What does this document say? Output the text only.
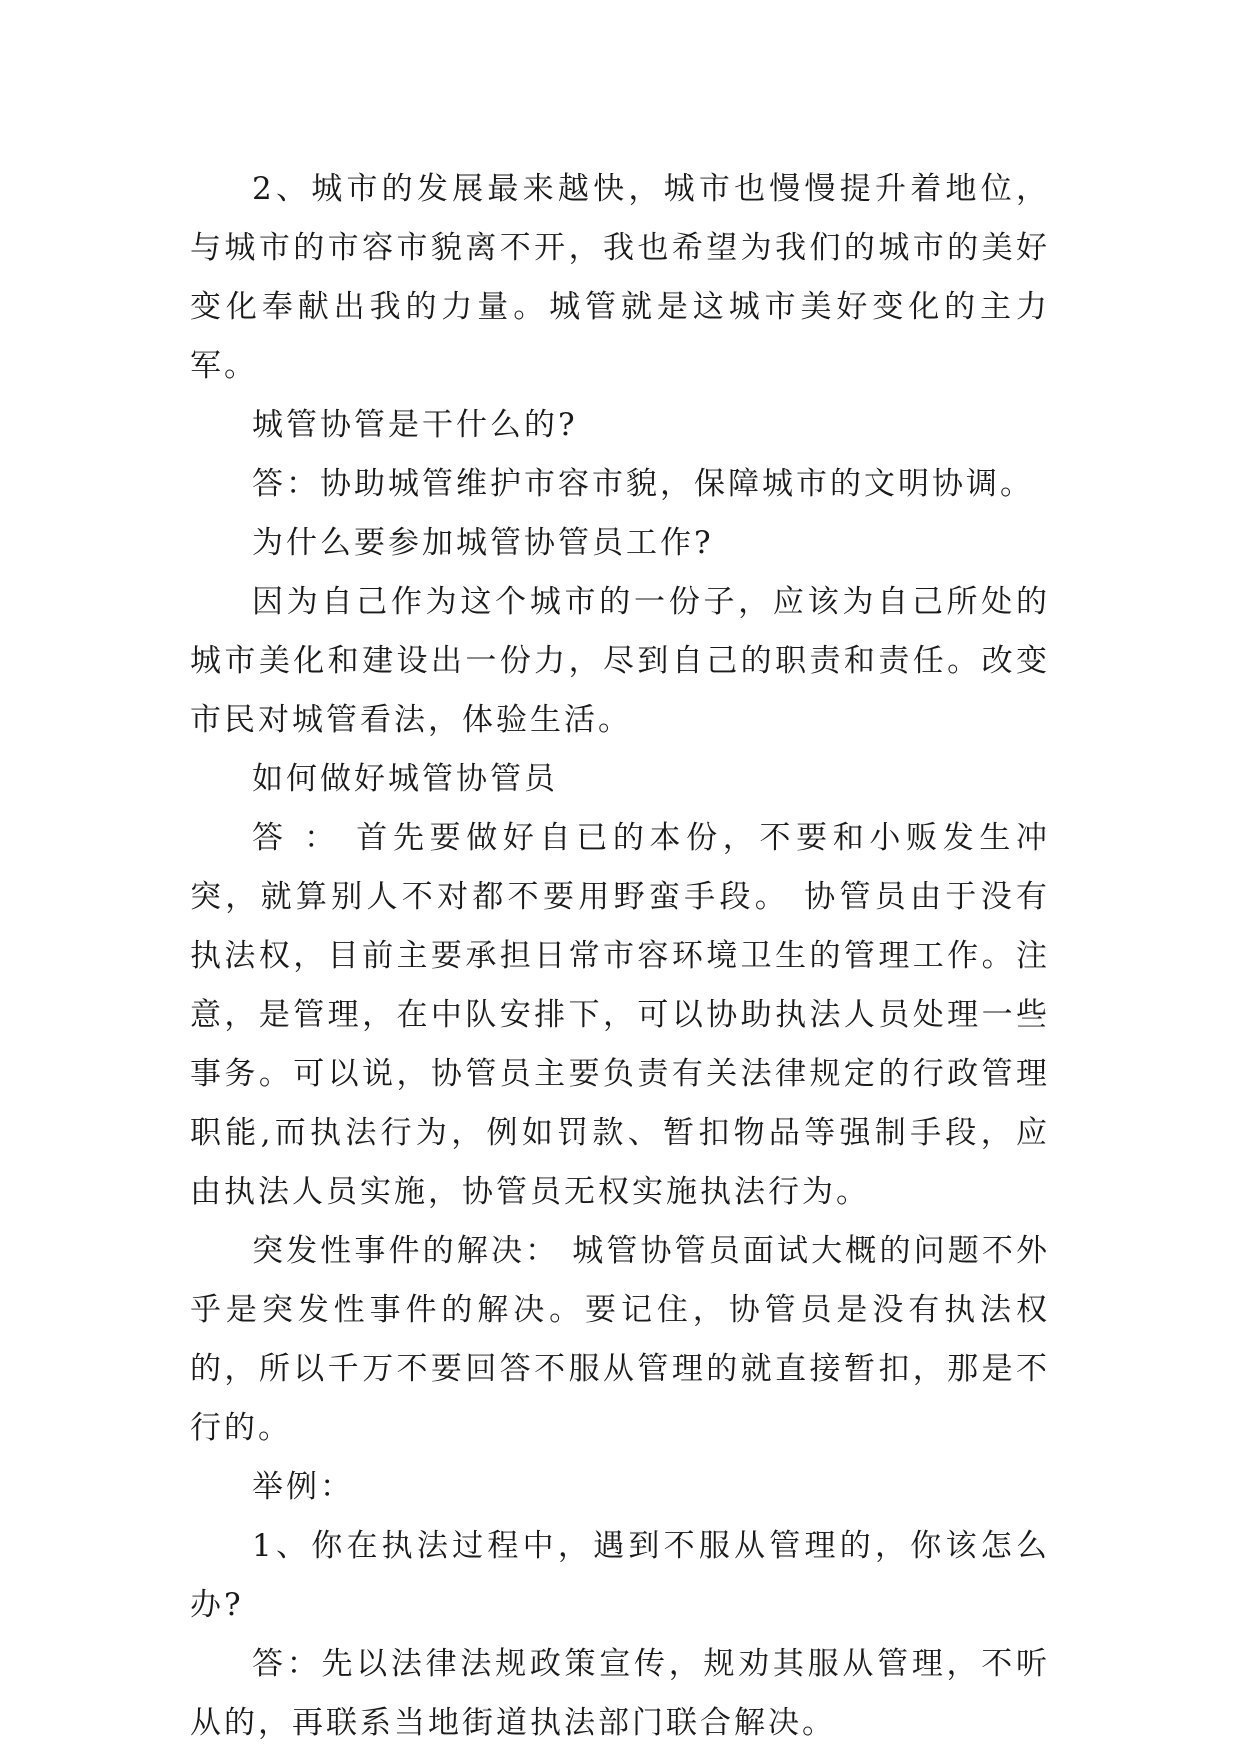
2、城市的发展最来越快，城市也慢慢提升着地位，与城市的市容市貌离不开，我也希望为我们的城市的美好变化奉献出我的力量。城管就是这城市美好变化的主力军。

城管协管是干什么的?

答：协助城管维护市容市貌，保障城市的文明协调。

为什么要参加城管协管员工作?

因为自己作为这个城市的一份子，应该为自己所处的城市美化和建设出一份力，尽到自己的职责和责任。改变市民对城管看法，体验生活。

如何做好城管协管员

答 ： 首先要做好自已的本份，不要和小贩发生冲突，就算别人不对都不要用野蛮手段。 协管员由于没有执法权，目前主要承担日常市容环境卫生的管理工作。注意，是管理，在中队安排下，可以协助执法人员处理一些事务。可以说，协管员主要负责有关法律规定的行政管理职能,而执法行为，例如罚款、暂扣物品等强制手段，应由执法人员实施，协管员无权实施执法行为。

突发性事件的解决： 城管协管员面试大概的问题不外乎是突发性事件的解决。要记住，协管员是没有执法权的，所以千万不要回答不服从管理的就直接暂扣，那是不行的。

举例：

1、你在执法过程中，遇到不服从管理的，你该怎么办?

答：先以法律法规政策宣传，规劝其服从管理，不听从的，再联系当地街道执法部门联合解决。
